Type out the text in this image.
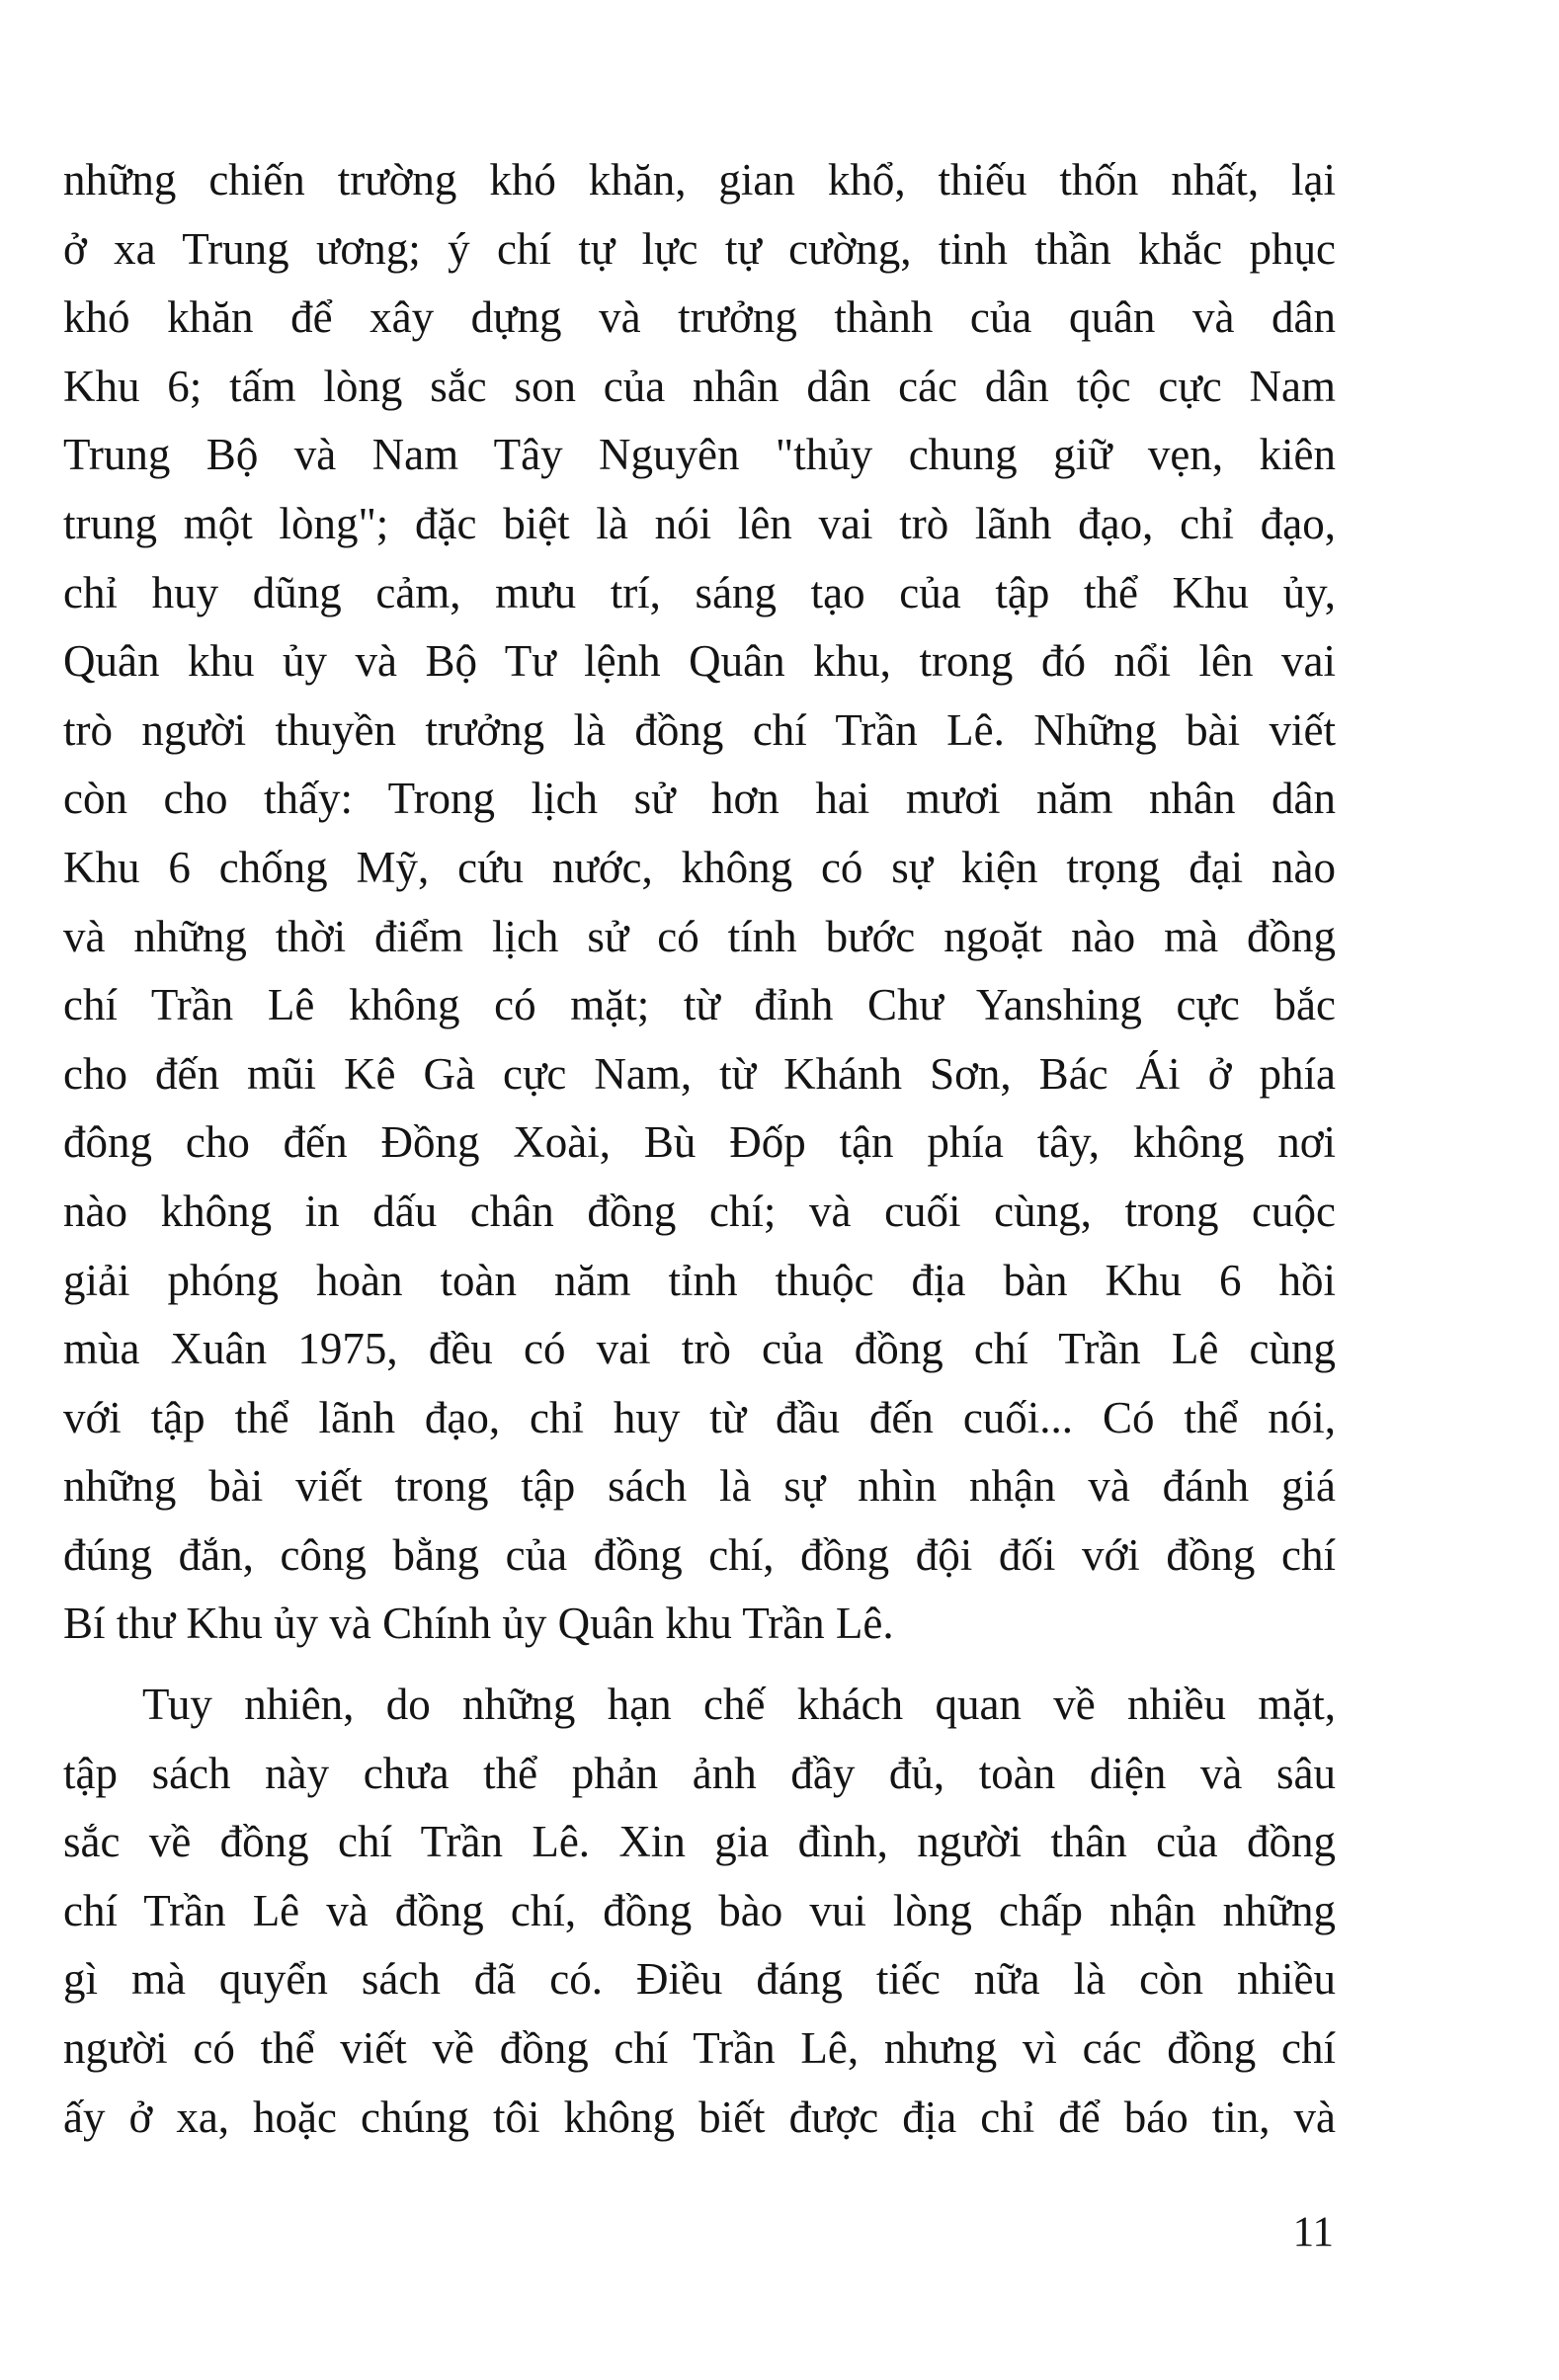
những chiến trường khó khăn, gian khổ, thiếu thốn nhất, lại
ở xa Trung ương; ý chí tự lực tự cường, tinh thần khắc phục
khó khăn để xây dựng và trưởng thành của quân và dân
Khu 6; tấm lòng sắc son của nhân dân các dân tộc cực Nam
Trung Bộ và Nam Tây Nguyên "thủy chung giữ vẹn, kiên
trung một lòng"; đặc biệt là nói lên vai trò lãnh đạo, chỉ đạo,
chỉ huy dũng cảm, mưu trí, sáng tạo của tập thể Khu ủy,
Quân khu ủy và Bộ Tư lệnh Quân khu, trong đó nổi lên vai
trò người thuyền trưởng là đồng chí Trần Lê. Những bài viết
còn cho thấy: Trong lịch sử hơn hai mươi năm nhân dân
Khu 6 chống Mỹ, cứu nước, không có sự kiện trọng đại nào
và những thời điểm lịch sử có tính bước ngoặt nào mà đồng
chí Trần Lê không có mặt; từ đỉnh Chư Yanshing cực bắc
cho đến mũi Kê Gà cực Nam, từ Khánh Sơn, Bác Ái ở phía
đông cho đến Đồng Xoài, Bù Đốp tận phía tây, không nơi
nào không in dấu chân đồng chí; và cuối cùng, trong cuộc
giải phóng hoàn toàn năm tỉnh thuộc địa bàn Khu 6 hồi
mùa Xuân 1975, đều có vai trò của đồng chí Trần Lê cùng
với tập thể lãnh đạo, chỉ huy từ đầu đến cuối... Có thể nói,
những bài viết trong tập sách là sự nhìn nhận và đánh giá
đúng đắn, công bằng của đồng chí, đồng đội đối với đồng chí
Bí thư Khu ủy và Chính ủy Quân khu Trần Lê.
Tuy nhiên, do những hạn chế khách quan về nhiều mặt,
tập sách này chưa thể phản ảnh đầy đủ, toàn diện và sâu
sắc về đồng chí Trần Lê. Xin gia đình, người thân của đồng
chí Trần Lê và đồng chí, đồng bào vui lòng chấp nhận những
gì mà quyển sách đã có. Điều đáng tiếc nữa là còn nhiều
người có thể viết về đồng chí Trần Lê, nhưng vì các đồng chí
ấy ở xa, hoặc chúng tôi không biết được địa chỉ để báo tin, và
11
